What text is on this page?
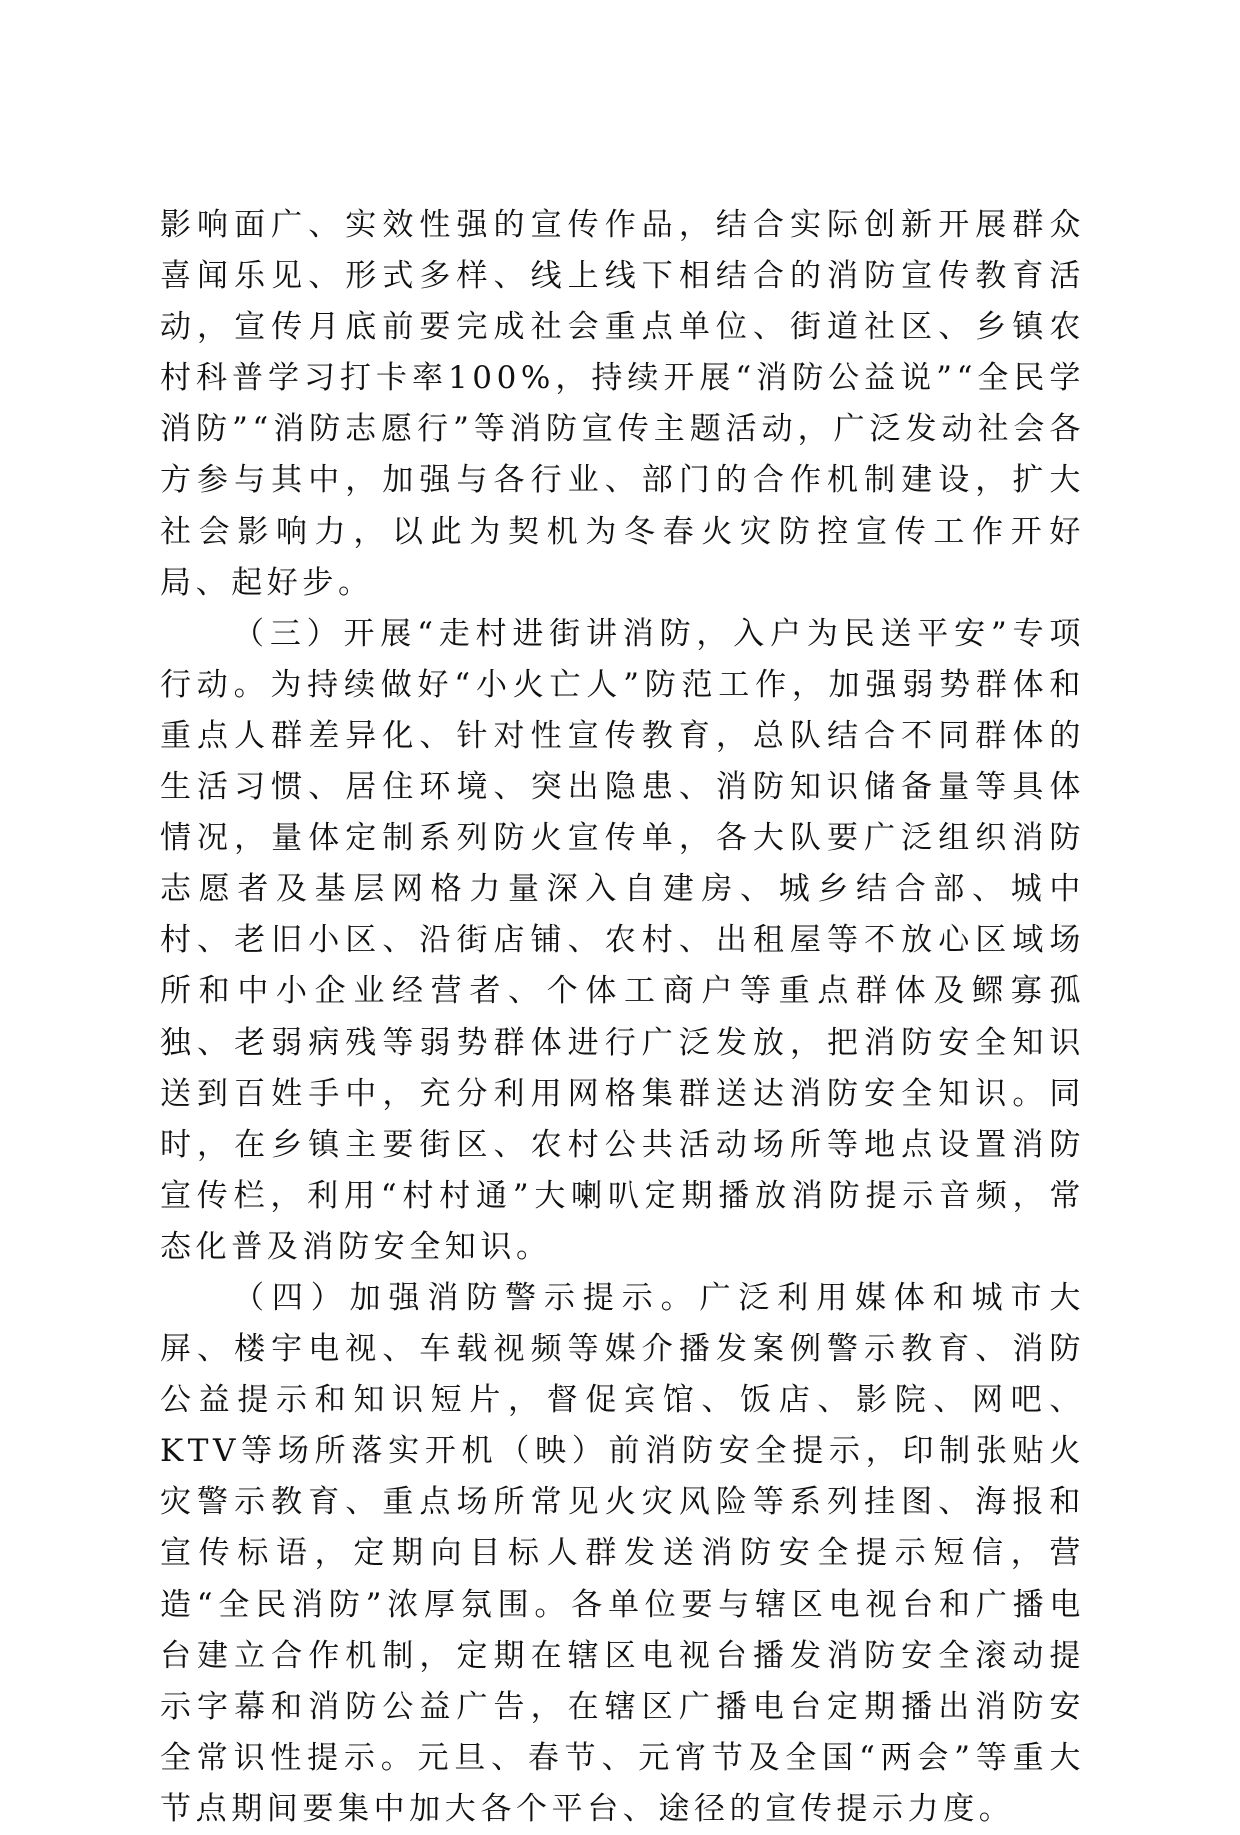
影响面广、实效性强的宣传作品，结合实际创新开展群众喜闻乐见、形式多样、线上线下相结合的消防宣传教育活动，宣传月底前要完成社会重点单位、街道社区、乡镇农村科普学习打卡率100%，持续开展“消防公益说”“全民学消防”“消防志愿行”等消防宣传主题活动，广泛发动社会各方参与其中，加强与各行业、部门的合作机制建设，扩大社会影响力，以此为契机为冬春火灾防控宣传工作开好局、起好步。

（三）开展“走村进街讲消防，入户为民送平安”专项行动。为持续做好“小火亡人”防范工作，加强弱势群体和重点人群差异化、针对性宣传教育，总队结合不同群体的生活习惯、居住环境、突出隐患、消防知识储备量等具体情况，量体定制系列防火宣传单，各大队要广泛组织消防志愿者及基层网格力量深入自建房、城乡结合部、城中村、老旧小区、沿街店铺、农村、出租屋等不放心区域场所和中小企业经营者、个体工商户等重点群体及鳏寡孤独、老弱病残等弱势群体进行广泛发放，把消防安全知识送到百姓手中，充分利用网格集群送达消防安全知识。同时，在乡镇主要街区、农村公共活动场所等地点设置消防宣传栏，利用“村村通”大喇叭定期播放消防提示音频，常态化普及消防安全知识。

（四）加强消防警示提示。广泛利用媒体和城市大屏、楼宇电视、车载视频等媒介播发案例警示教育、消防公益提示和知识短片，督促宾馆、饭店、影院、网吧、KTV等场所落实开机（映）前消防安全提示，印制张贴火灾警示教育、重点场所常见火灾风险等系列挂图、海报和宣传标语，定期向目标人群发送消防安全提示短信，营造“全民消防”浓厚氛围。各单位要与辖区电视台和广播电台建立合作机制，定期在辖区电视台播发消防安全滚动提示字幕和消防公益广告，在辖区广播电台定期播出消防安全常识性提示。元旦、春节、元宵节及全国“两会”等重大节点期间要集中加大各个平台、途径的宣传提示力度。
